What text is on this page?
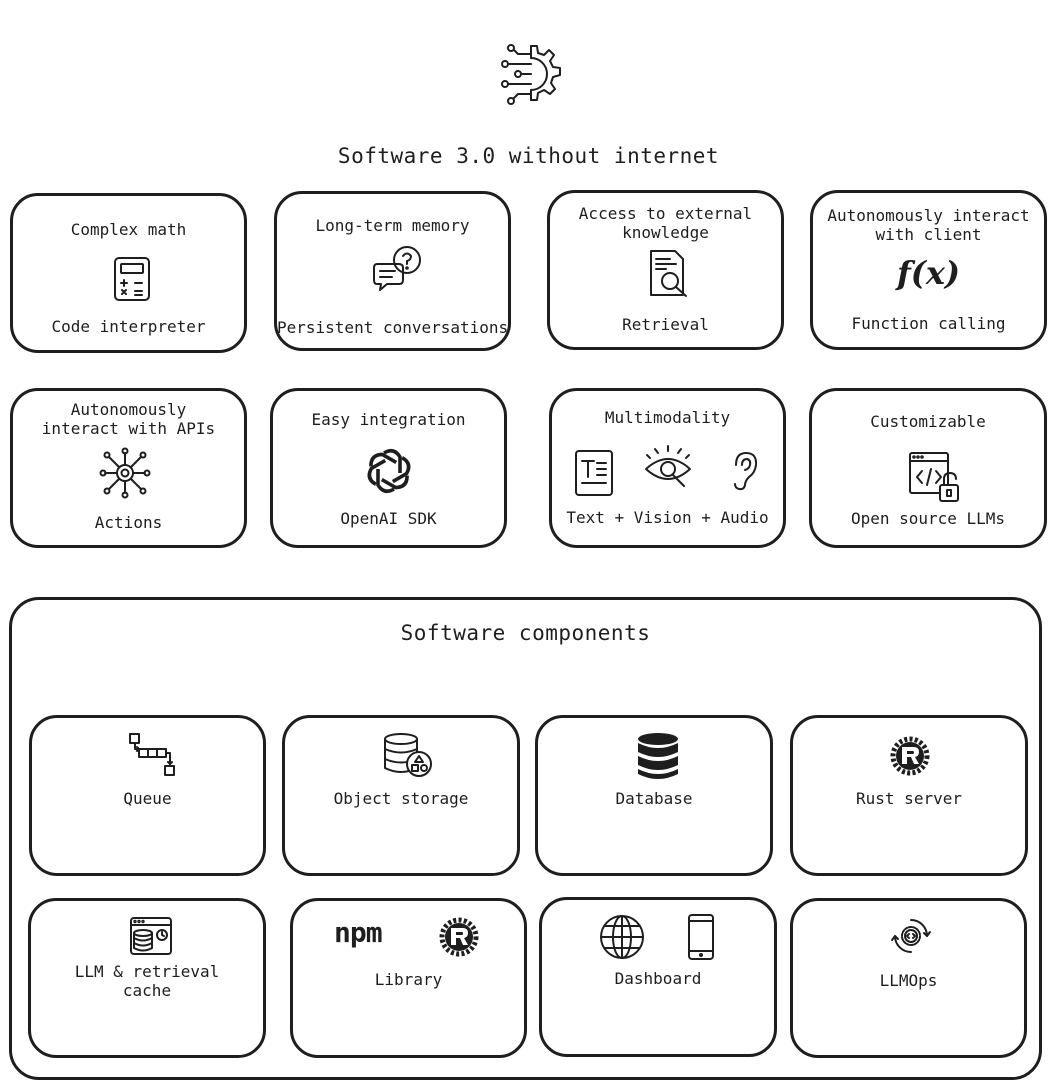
Software 3.0 without internet
Complex math
Code interpreter
Long-term memory
Persistent conversations
Access to external
knowledge
Retrieval
Autonomously interact
with client
f(x)
Function calling
Autonomously
interact with APIs
Actions
Easy integration
OpenAI SDK
Multimodality
Text + Vision + Audio
Customizable
Open source LLMs
Software components
Queue	Object storage	Database	Rust server
LLM & retrieval
cache
npm
Library	Dashboard	LLMOps
